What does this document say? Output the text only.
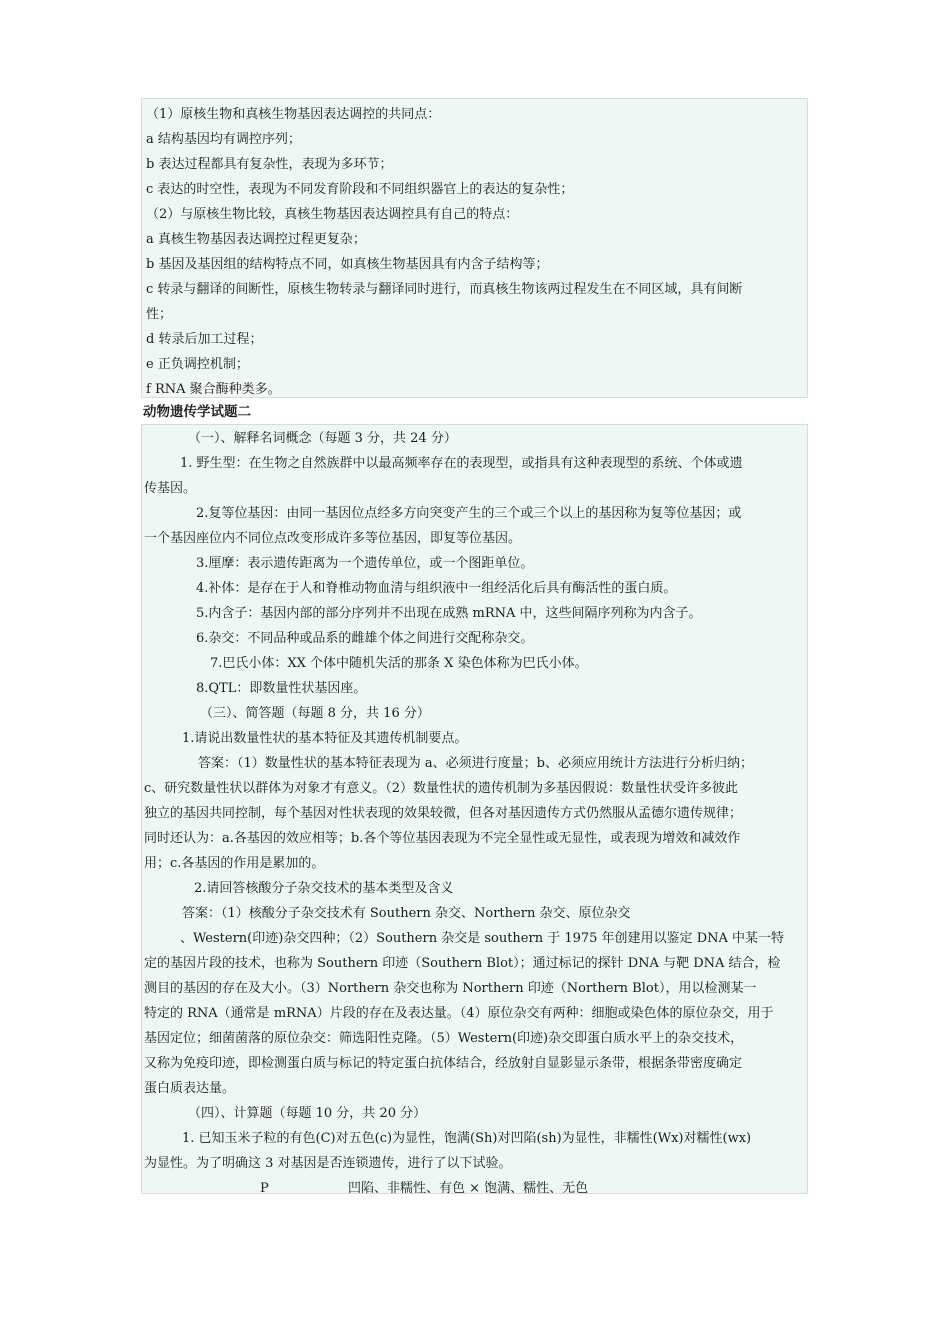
（1）原核生物和真核生物基因表达调控的共同点：
a 结构基因均有调控序列；
b 表达过程都具有复杂性，表现为多环节；
c 表达的时空性，表现为不同发育阶段和不同组织器官上的表达的复杂性；
（2）与原核生物比较，真核生物基因表达调控具有自己的特点：
a 真核生物基因表达调控过程更复杂；
b 基因及基因组的结构特点不同，如真核生物基因具有内含子结构等；
c 转录与翻译的间断性，原核生物转录与翻译同时进行，而真核生物该两过程发生在不同区域，具有间断
性；
d 转录后加工过程；
e 正负调控机制；
f RNA 聚合酶种类多。
动物遗传学试题二
（一）、解释名词概念（每题 3 分，共 24 分）
1. 野生型：在生物之自然族群中以最高频率存在的表现型，或指具有这种表现型的系统、个体或遗
传基因。
2.复等位基因：由同一基因位点经多方向突变产生的三个或三个以上的基因称为复等位基因；或
一个基因座位内不同位点改变形成许多等位基因，即复等位基因。
3.厘摩：表示遗传距离为一个遗传单位，或一个图距单位。
4.补体：是存在于人和脊椎动物血清与组织液中一组经活化后具有酶活性的蛋白质。
5.内含子：基因内部的部分序列并不出现在成熟 mRNA 中，这些间隔序列称为内含子。
6.杂交：不同品种或品系的雌雄个体之间进行交配称杂交。
7.巴氏小体：XX 个体中随机失活的那条 X 染色体称为巴氏小体。
8.QTL：即数量性状基因座。
（三）、简答题（每题 8 分，共 16 分）
1.请说出数量性状的基本特征及其遗传机制要点。
答案：（1）数量性状的基本特征表现为 a、必须进行度量；b、必须应用统计方法进行分析归纳；
c、研究数量性状以群体为对象才有意义。（2）数量性状的遗传机制为多基因假说：数量性状受许多彼此
独立的基因共同控制，每个基因对性状表现的效果较微，但各对基因遗传方式仍然服从孟德尔遗传规律；
同时还认为：a.各基因的效应相等；b.各个等位基因表现为不完全显性或无显性，或表现为增效和减效作
用；c.各基因的作用是累加的。
2.请回答核酸分子杂交技术的基本类型及含义
答案：（1）核酸分子杂交技术有 Southern 杂交、Northern 杂交、原位杂交
、Western(印迹)杂交四种；（2）Southern 杂交是 southern 于 1975 年创建用以鉴定 DNA 中某一特
定的基因片段的技术，也称为 Southern 印迹（Southern Blot）；通过标记的探针 DNA 与靶 DNA 结合，检
测目的基因的存在及大小。（3）Northern 杂交也称为 Northern 印迹（Northern Blot），用以检测某一
特定的 RNA（通常是 mRNA）片段的存在及表达量。（4）原位杂交有两种：细胞或染色体的原位杂交，用于
基因定位；细菌菌落的原位杂交：筛选阳性克隆。（5）Western(印迹)杂交即蛋白质水平上的杂交技术，
又称为免疫印迹，即检测蛋白质与标记的特定蛋白抗体结合，经放射自显影显示条带，根据条带密度确定
蛋白质表达量。
（四）、计算题（每题 10 分，共 20 分）
1. 已知玉米子粒的有色(C)对五色(c)为显性，饱满(Sh)对凹陷(sh)为显性，非糯性(Wx)对糯性(wx)
为显性。为了明确这 3 对基因是否连锁遗传，进行了以下试验。
P	凹陷、非糯性、有色 × 饱满、糯性、无色
